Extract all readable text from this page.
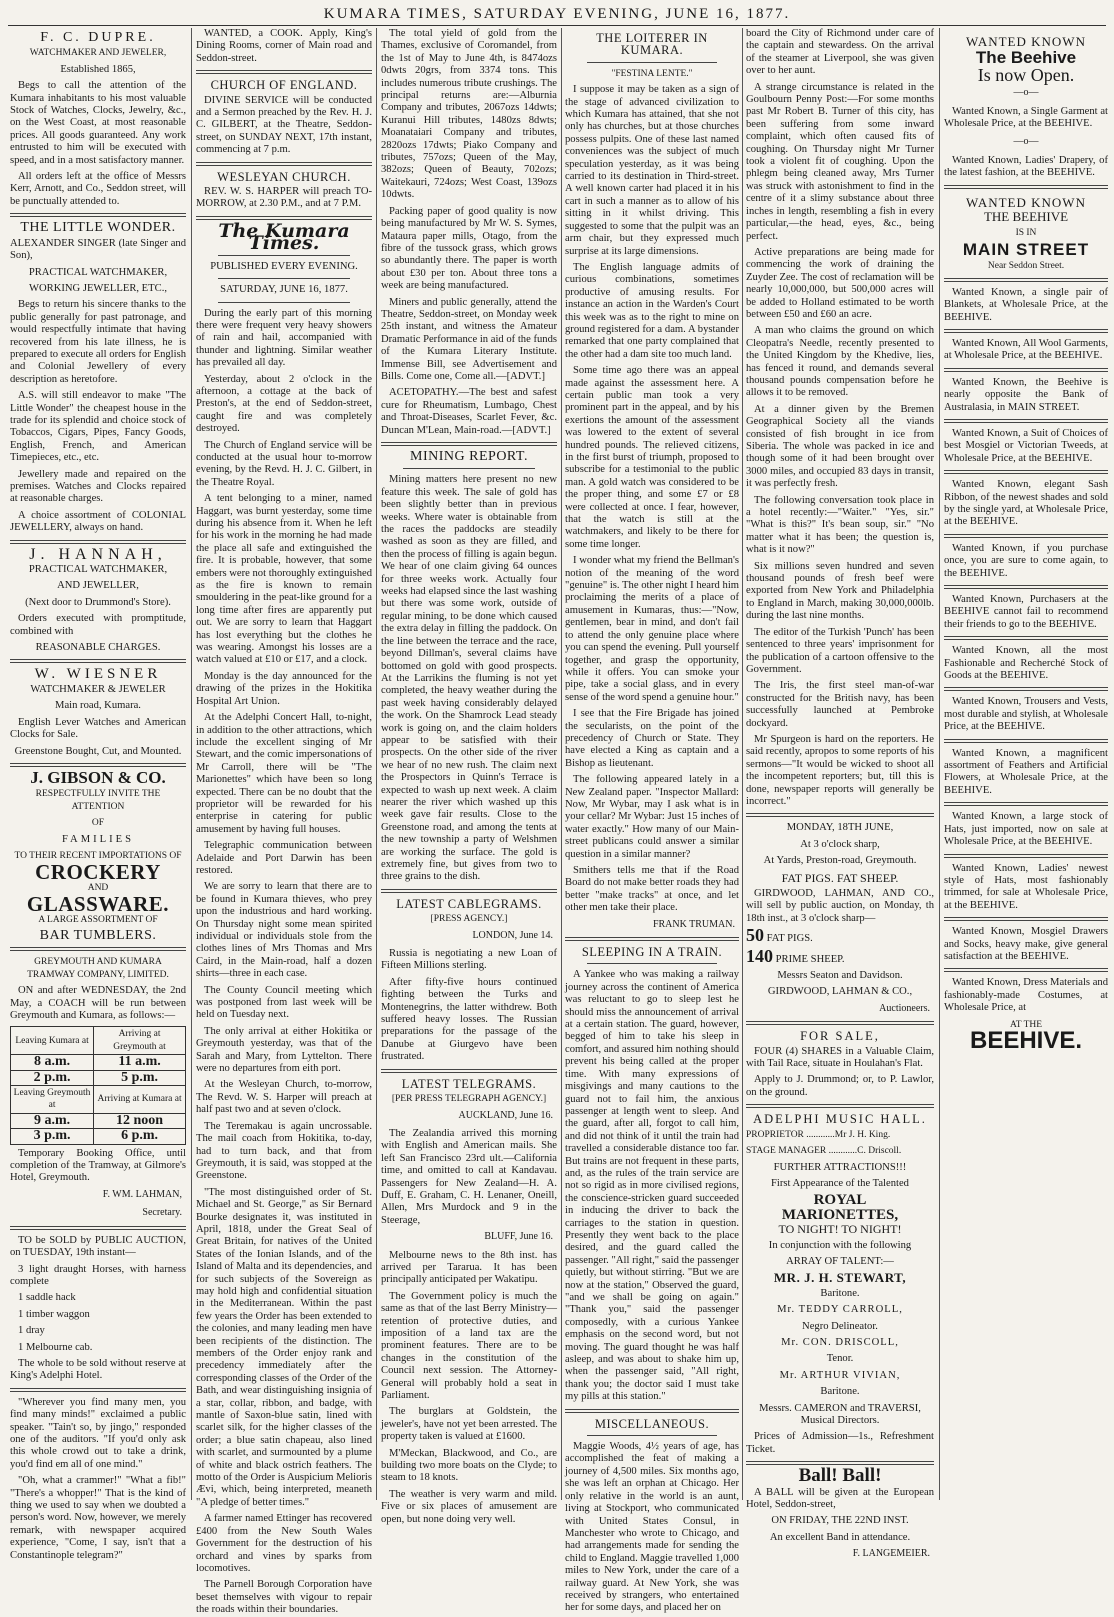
KUMARA TIMES, SATURDAY EVENING, JUNE 16, 1877.
F. C. DUPRE.

WATCHMAKER AND JEWELER,

Established 1865,

Begs to call the attention of the Kumara inhabitants to his most valuable Stock of Watches, Clocks, Jewelry, &c., on the West Coast, at most reasonable prices. All goods guaranteed. Any work entrusted to him will be executed with speed, and in a most satisfactory manner.

All orders left at the office of Messrs Kerr, Arnott, and Co., Seddon street, will be punctually attended to.

THE LITTLE WONDER.

ALEXANDER SINGER (late Singer and Son),

PRACTICAL WATCHMAKER,

WORKING JEWELLER, ETC.,

Begs to return his sincere thanks to the public generally for past patronage, and would respectfully intimate that having recovered from his late illness, he is prepared to execute all orders for English and Colonial Jewellery of every description as heretofore.

A.S. will still endeavor to make "The Little Wonder" the cheapest house in the trade for its splendid and choice stock of Tobaccos, Cigars, Pipes, Fancy Goods, English, French, and American Timepieces, etc., etc.

Jewellery made and repaired on the premises. Watches and Clocks repaired at reasonable charges.

A choice assortment of COLONIAL JEWELLERY, always on hand.

J. HANNAH,

PRACTICAL WATCHMAKER,

AND JEWELLER,

(Next door to Drummond's Store).

Orders executed with promptitude, combined with

REASONABLE CHARGES.

W. WIESNER

WATCHMAKER & JEWELER

Main road, Kumara.

English Lever Watches and American Clocks for Sale.

Greenstone Bought, Cut, and Mounted.

J. GIBSON & CO.

RESPECTFULLY INVITE THE ATTENTION

OF

FAMILIES

TO THEIR RECENT IMPORTATIONS OF

CROCKERY

AND

GLASSWARE.

A LARGE ASSORTMENT OF

BAR TUMBLERS.

GREYMOUTH AND KUMARA TRAMWAY COMPANY, LIMITED.

ON and after WEDNESDAY, the 2nd May, a COACH will be run between Greymouth and Kumara, as follows:—

Leaving Kumara at	Arriving at Greymouth at
8 a.m.	11 a.m.
2 p.m.	5 p.m.
Leaving Greymouth at	Arriving at Kumara at
9 a.m.	12 noon
3 p.m.	6 p.m.

Temporary Booking Office, until completion of the Tramway, at Gilmore's Hotel, Greymouth.

F. WM. LAHMAN,
Secretary.

TO be SOLD by PUBLIC AUCTION, on TUESDAY, 19th instant—

3 light draught Horses, with harness complete

1 saddle hack

1 timber waggon

1 dray

1 Melbourne cab.

The whole to be sold without reserve at King's Adelphi Hotel.

"Wherever you find many men, you find many minds!" exclaimed a public speaker. "Tain't so, by jingo," responded one of the auditors. "If you'd only ask this whole crowd out to take a drink, you'd find em all of one mind."

"Oh, what a crammer!" "What a fib!" "There's a whopper!" That is the kind of thing we used to say when we doubted a person's word. Now, however, we merely remark, with newspaper acquired experience, "Come, I say, isn't that a Constantinople telegram?"

WANTED, a COOK. Apply, King's Dining Rooms, corner of Main road and Seddon-street.

CHURCH OF ENGLAND.

DIVINE SERVICE will be conducted and a Sermon preached by the Rev. H. J. C. GILBERT, at the Theatre, Seddon-street, on SUNDAY NEXT, 17th instant, commencing at 7 p.m.

WESLEYAN CHURCH.

REV. W. S. HARPER will preach TO-MORROW, at 2.30 P.M., and at 7 P.M.

The Kumara Times.

PUBLISHED EVERY EVENING.

SATURDAY, JUNE 16, 1877.

During the early part of this morning there were frequent very heavy showers of rain and hail, accompanied with thunder and lightning. Similar weather has prevailed all day.

Yesterday, about 2 o'clock in the afternoon, a cottage at the back of Preston's, at the end of Seddon-street, caught fire and was completely destroyed.

The Church of England service will be conducted at the usual hour to-morrow evening, by the Revd. H. J. C. Gilbert, in the Theatre Royal.

A tent belonging to a miner, named Haggart, was burnt yesterday, some time during his absence from it. When he left for his work in the morning he had made the place all safe and extinguished the fire. It is probable, however, that some embers were not thoroughly extinguished as the fire is known to remain smouldering in the peat-like ground for a long time after fires are apparently put out. We are sorry to learn that Haggart has lost everything but the clothes he was wearing. Amongst his losses are a watch valued at £10 or £17, and a clock.

Monday is the day announced for the drawing of the prizes in the Hokitika Hospital Art Union.

At the Adelphi Concert Hall, to-night, in addition to the other attractions, which include the excellent singing of Mr Stewart, and the comic impersonations of Mr Carroll, there will be "The Marionettes" which have been so long expected. There can be no doubt that the proprietor will be rewarded for his enterprise in catering for public amusement by having full houses.

Telegraphic communication between Adelaide and Port Darwin has been restored.

We are sorry to learn that there are to be found in Kumara thieves, who prey upon the industrious and hard working. On Thursday night some mean spirited individual or individuals stole from the clothes lines of Mrs Thomas and Mrs Caird, in the Main-road, half a dozen shirts—three in each case.

The County Council meeting which was postponed from last week will be held on Tuesday next.

The only arrival at either Hokitika or Greymouth yesterday, was that of the Sarah and Mary, from Lyttelton. There were no departures from eith port.

At the Wesleyan Church, to-morrow, The Revd. W. S. Harper will preach at half past two and at seven o'clock.

The Teremakau is again uncrossable. The mail coach from Hokitika, to-day, had to turn back, and that from Greymouth, it is said, was stopped at the Greenstone.

"The most distinguished order of St. Michael and St. George," as Sir Bernard Bourke designates it, was instituted in April, 1818, under the Great Seal of Great Britain, for natives of the United States of the Ionian Islands, and of the Island of Malta and its dependencies, and for such subjects of the Sovereign as may hold high and confidential situation in the Mediterranean. Within the past few years the Order has been extended to the colonies, and many leading men have been recipients of the distinction. The members of the Order enjoy rank and precedency immediately after the corresponding classes of the Order of the Bath, and wear distinguishing insignia of a star, collar, ribbon, and badge, with mantle of Saxon-blue satin, lined with scarlet silk, for the higher classes of the order; a blue satin chapeau, also lined with scarlet, and surmounted by a plume of white and black ostrich feathers. The motto of the Order is Auspicium Melioris Ævi, which, being interpreted, meaneth "A pledge of better times."

A farmer named Ettinger has recovered £400 from the New South Wales Government for the destruction of his orchard and vines by sparks from locomotives.

The Parnell Borough Corporation have beset themselves with vigour to repair the roads within their boundaries.

The total yield of gold from the Thames, exclusive of Coromandel, from the 1st of May to June 4th, is 8474ozs 0dwts 20grs, from 3374 tons. This includes numerous tribute crushings. The principal returns are:—Alburnia Company and tributes, 2067ozs 14dwts; Kuranui Hill tributes, 1480zs 8dwts; Moanataiari Company and tributes, 2820ozs 17dwts; Piako Company and tributes, 757ozs; Queen of the May, 382ozs; Queen of Beauty, 702ozs; Waitekauri, 724ozs; West Coast, 139ozs 10dwts.

Packing paper of good quality is now being manufactured by Mr W. S. Symes, Mataura paper mills, Otago, from the fibre of the tussock grass, which grows so abundantly there. The paper is worth about £30 per ton. About three tons a week are being manufactured.

Miners and public generally, attend the Theatre, Seddon-street, on Monday week 25th instant, and witness the Amateur Dramatic Performance in aid of the funds of the Kumara Literary Institute. Immense Bill, see Advertisement and Bills. Come one, Come all.—[ADVT.]

ACETOPATHY.—The best and safest cure for Rheumatism, Lumbago, Chest and Throat-Diseases, Scarlet Fever, &c. Duncan M'Lean, Main-road.—[ADVT.]

MINING REPORT.

Mining matters here present no new feature this week. The sale of gold has been slightly better than in previous weeks. Where water is obtainable from the races the paddocks are steadily washed as soon as they are filled, and then the process of filling is again begun. We hear of one claim giving 64 ounces for three weeks work. Actually four weeks had elapsed since the last washing but there was some work, outside of regular mining, to be done which caused the extra delay in filling the paddock. On the line between the terrace and the race, beyond Dillman's, several claims have bottomed on gold with good prospects. At the Larrikins the fluming is not yet completed, the heavy weather during the past week having considerably delayed the work. On the Shamrock Lead steady work is going on, and the claim holders appear to be satisfied with their prospects. On the other side of the river we hear of no new rush. The claim next the Prospectors in Quinn's Terrace is expected to wash up next week. A claim nearer the river which washed up this week gave fair results. Close to the Greenstone road, and among the tents at the new township a party of Welshmen are working the surface. The gold is extremely fine, but gives from two to three grains to the dish.

LATEST CABLEGRAMS.

[PRESS AGENCY.]

LONDON, June 14.

Russia is negotiating a new Loan of Fifteen Millions sterling.

After fifty-five hours continued fighting between the Turks and Montenegrins, the latter withdrew. Both suffered heavy losses. The Russian preparations for the passage of the Danube at Giurgevo have been frustrated.

LATEST TELEGRAMS.

[PER PRESS TELEGRAPH AGENCY.]

AUCKLAND, June 16.

The Zealandia arrived this morning with English and American mails. She left San Francisco 23rd ult.—California time, and omitted to call at Kandavau. Passengers for New Zealand—H. A. Duff, E. Graham, C. H. Lenaner, Oneill, Allen, Mrs Murdock and 9 in the Steerage,

BLUFF, June 16.

Melbourne news to the 8th inst. has arrived per Tararua. It has been principally anticipated per Wakatipu.

The Government policy is much the same as that of the last Berry Ministry—retention of protective duties, and imposition of a land tax are the prominent features. There are to be changes in the constitution of the Council next session. The Attorney-General will probably hold a seat in Parliament.

The burglars at Goldstein, the jeweler's, have not yet been arrested. The property taken is valued at £1600.

M'Meckan, Blackwood, and Co., are building two more boats on the Clyde; to steam to 18 knots.

The weather is very warm and mild. Five or six places of amusement are open, but none doing very well.

THE LOITERER IN KUMARA.

"FESTINA LENTE."

I suppose it may be taken as a sign of the stage of advanced civilization to which Kumara has attained, that she not only has churches, but at those churches possess pulpits. One of these last named conveniences was the subject of much speculation yesterday, as it was being carried to its destination in Third-street. A well known carter had placed it in his cart in such a manner as to allow of his sitting in it whilst driving. This suggested to some that the pulpit was an arm chair, but they expressed much surprise at its large dimensions.

The English language admits of curious combinations, sometimes productive of amusing results. For instance an action in the Warden's Court this week was as to the right to mine on ground registered for a dam. A bystander remarked that one party complained that the other had a dam site too much land.

Some time ago there was an appeal made against the assessment here. A certain public man took a very prominent part in the appeal, and by his exertions the amount of the assessment was lowered to the extent of several hundred pounds. The relieved citizens, in the first burst of triumph, proposed to subscribe for a testimonial to the public man. A gold watch was considered to be the proper thing, and some £7 or £8 were collected at once. I fear, however, that the watch is still at the watchmakers, and likely to be there for some time longer.

I wonder what my friend the Bellman's notion of the meaning of the word "genuine" is. The other night I heard him proclaiming the merits of a place of amusement in Kumaras, thus:—"Now, gentlemen, bear in mind, and don't fail to attend the only genuine place where you can spend the evening. Pull yourself together, and grasp the opportunity, while it offers. You can smoke your pipe, take a social glass, and in every sense of the word spend a genuine hour."

I see that the Fire Brigade has joined the secularists, on the point of the precedency of Church or State. They have elected a King as captain and a Bishop as lieutenant.

The following appeared lately in a New Zealand paper. "Inspector Mallard: Now, Mr Wybar, may I ask what is in your cellar? Mr Wybar: Just 15 inches of water exactly." How many of our Main-street publicans could answer a similar question in a similar manner?

Smithers tells me that if the Road Board do not make better roads they had better "make tracks" at once, and let other men take their place.

FRANK TRUMAN.
SLEEPING IN A TRAIN.

A Yankee who was making a railway journey across the continent of America was reluctant to go to sleep lest he should miss the announcement of arrival at a certain station. The guard, however, begged of him to take his sleep in comfort, and assured him nothing should prevent his being called at the proper time. With many expressions of misgivings and many cautions to the guard not to fail him, the anxious passenger at length went to sleep. And the guard, after all, forgot to call him, and did not think of it until the train had travelled a considerable distance too far. But trains are not frequent in these parts, and, as the rules of the train service are not so rigid as in more civilised regions, the conscience-stricken guard succeeded in inducing the driver to back the carriages to the station in question. Presently they went back to the place desired, and the guard called the passenger. "All right," said the passenger quietly, but without stirring. "But we are now at the station," Observed the guard, "and we shall be going on again." "Thank you," said the passenger composedly, with a curious Yankee emphasis on the second word, but not moving. The guard thought he was half asleep, and was about to shake him up, when the passenger said, "All right, thank you; the doctor said I must take my pills at this station."

MISCELLANEOUS.

Maggie Woods, 4½ years of age, has accomplished the feat of making a journey of 4,500 miles. Six months ago, she was left an orphan at Chicago. Her only relative in the world is an aunt, living at Stockport, who communicated with United States Consul, in Manchester who wrote to Chicago, and had arrangements made for sending the child to England. Maggie travelled 1,000 miles to New York, under the care of a railway guard. At New York, she was received by strangers, who entertained her for some days, and placed her on

board the City of Richmond under care of the captain and stewardess. On the arrival of the steamer at Liverpool, she was given over to her aunt.

A strange circumstance is related in the Goulbourn Penny Post:—For some months past Mr Robert B. Turner of this city, has been suffering from some inward complaint, which often caused fits of coughing. On Thursday night Mr Turner took a violent fit of coughing. Upon the phlegm being cleaned away, Mrs Turner was struck with astonishment to find in the centre of it a slimy substance about three inches in length, resembling a fish in every particular,—the head, eyes, &c., being perfect.

Active preparations are being made for commencing the work of draining the Zuyder Zee. The cost of reclamation will be nearly 10,000,000, but 500,000 acres will be added to Holland estimated to be worth between £50 and £60 an acre.

A man who claims the ground on which Cleopatra's Needle, recently presented to the United Kingdom by the Khedive, lies, has fenced it round, and demands several thousand pounds compensation before he allows it to be removed.

At a dinner given by the Bremen Geographical Society all the viands consisted of fish brought in ice from Siberia. The whole was packed in ice and though some of it had been brought over 3000 miles, and occupied 83 days in transit, it was perfectly fresh.

The following conversation took place in a hotel recently:—"Waiter." "Yes, sir." "What is this?" It's bean soup, sir." "No matter what it has been; the question is, what is it now?"

Six millions seven hundred and seven thousand pounds of fresh beef were exported from New York and Philadelphia to England in March, making 30,000,000lb. during the last nine months.

The editor of the Turkish 'Punch' has been sentenced to three years' imprisonment for the publication of a cartoon offensive to the Government.

The Iris, the first steel man-of-war constructed for the British navy, has been successfully launched at Pembroke dockyard.

Mr Spurgeon is hard on the reporters. He said recently, apropos to some reports of his sermons—"It would be wicked to shoot all the incompetent reporters; but, till this is done, newspaper reports will generally be incorrect."

MONDAY, 18TH JUNE,

At 3 o'clock sharp,

At Yards, Preston-road, Greymouth.

FAT PIGS. FAT SHEEP.

GIRDWOOD, LAHMAN, AND CO., will sell by public auction, on Monday, th 18th inst., at 3 o'clock sharp—

50 FAT PIGS.

140 PRIME SHEEP.

Messrs Seaton and Davidson.

GIRDWOOD, LAHMAN & CO.,

Auctioneers.
FOR SALE,

FOUR (4) SHARES in a Valuable Claim, with Tail Race, situate in Houlahan's Flat.

Apply to J. Drummond; or, to P. Lawlor, on the ground.

ADELPHI MUSIC HALL.

PROPRIETOR ............Mr J. H. King.

STAGE MANAGER ............C. Driscoll.

FURTHER ATTRACTIONS!!!

First Appearance of the Talented

ROYAL
MARIONETTES,

TO NIGHT! TO NIGHT!

In conjunction with the following

ARRAY OF TALENT:—

MR. J. H. STEWART,

Baritone.

Mr. TEDDY CARROLL,

Negro Delineator.

Mr. CON. DRISCOLL,

Tenor.

Mr. ARTHUR VIVIAN,

Baritone.

Messrs. CAMERON and TRAVERSI, Musical Directors.

Prices of Admission—1s., Refreshment Ticket.

Ball! Ball!

A BALL will be given at the European Hotel, Seddon-street,

ON FRIDAY, THE 22ND INST.

An excellent Band in attendance.

F. LANGEMEIER.
WANTED KNOWN
The Beehive
Is now Open.
—o—

Wanted Known, a Single Garment at Wholesale Price, at the BEEHIVE.

—o—

Wanted Known, Ladies' Drapery, of the latest fashion, at the BEEHIVE.

WANTED KNOWN

THE BEEHIVE

IS IN

MAIN STREET

Near Seddon Street.

Wanted Known, a single pair of Blankets, at Wholesale Price, at the BEEHIVE.

Wanted Known, All Wool Garments, at Wholesale Price, at the BEEHIVE.

Wanted Known, the Beehive is nearly opposite the Bank of Australasia, in MAIN STREET.

Wanted Known, a Suit of Choices of best Mosgiel or Victorian Tweeds, at Wholesale Price, at the BEEHIVE.

Wanted Known, elegant Sash Ribbon, of the newest shades and sold by the single yard, at Wholesale Price, at the BEEHIVE.

Wanted Known, if you purchase once, you are sure to come again, to the BEEHIVE.

Wanted Known, Purchasers at the BEEHIVE cannot fail to recommend their friends to go to the BEEHIVE.

Wanted Known, all the most Fashionable and Recherché Stock of Goods at the BEEHIVE.

Wanted Known, Trousers and Vests, most durable and stylish, at Wholesale Price, at the BEEHIVE.

Wanted Known, a magnificent assortment of Feathers and Artificial Flowers, at Wholesale Price, at the BEEHIVE.

Wanted Known, a large stock of Hats, just imported, now on sale at Wholesale Price, at the BEEHIVE.

Wanted Known, Ladies' newest style of Hats, most fashionably trimmed, for sale at Wholesale Price, at the BEEHIVE.

Wanted Known, Mosgiel Drawers and Socks, heavy make, give general satisfaction at the BEEHIVE.

Wanted Known, Dress Materials and fashionably-made Costumes, at Wholesale Price, at

AT THE

BEEHIVE.
